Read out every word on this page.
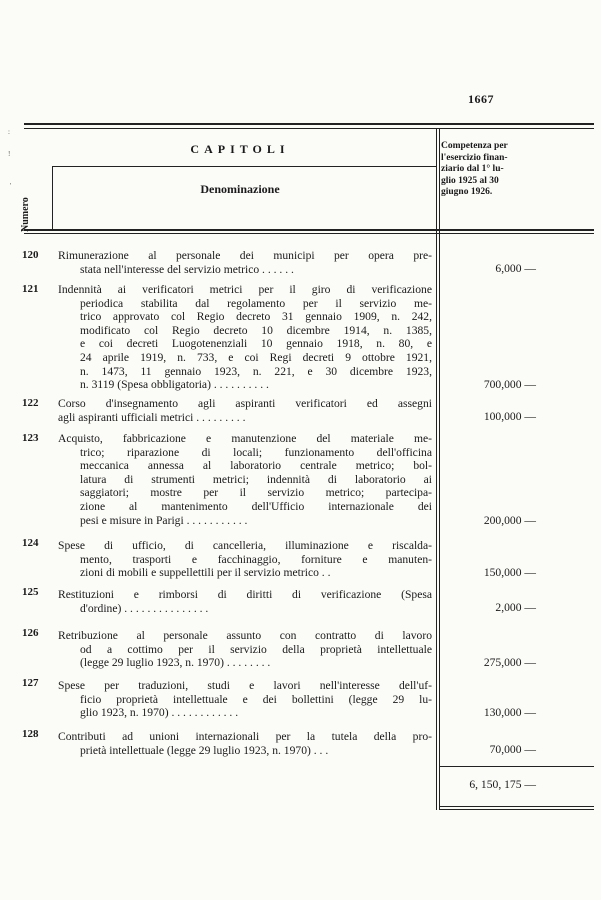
1667
CAPITOLI
Denominazione
Numero
Competenza per
l'esercizio finan-
ziario dal 1° lu-
glio 1925 al 30
giugno 1926.
:
!
'
120	Rimunerazione al personale dei municipi per opera pre-
stata nell'interesse del servizio metrico . . . . . .	6,000 —
121	Indennità ai verificatori metrici per il giro di verificazione
periodica stabilita dal regolamento per il servizio me-
trico approvato col Regio decreto 31 gennaio 1909, n. 242,
modificato col Regio decreto 10 dicembre 1914, n. 1385,
e coi decreti Luogotenenziali 10 gennaio 1918, n. 80, e
24 aprile 1919, n. 733, e coi Regi decreti 9 ottobre 1921,
n. 1473, 11 gennaio 1923, n. 221, e 30 dicembre 1923,
n. 3119 (Spesa obbligatoria) . . . . . . . . . .	700,000 —
122	Corso d'insegnamento agli aspiranti verificatori ed assegni
agli aspiranti ufficiali metrici . . . . . . . . .	100,000 —
123	Acquisto, fabbricazione e manutenzione del materiale me-
trico; riparazione di locali; funzionamento dell'officina
meccanica annessa al laboratorio centrale metrico; bol-
latura di strumenti metrici; indennità di laboratorio ai
saggiatori; mostre per il servizio metrico; partecipa-
zione al mantenimento dell'Ufficio internazionale dei
pesi e misure in Parigi . . . . . . . . . . .	200,000 —
124	Spese di ufficio, di cancelleria, illuminazione e riscalda-
mento, trasporti e facchinaggio, forniture e manuten-
zioni di mobili e suppellettili per il servizio metrico . .	150,000 —
125	Restituzioni e rimborsi di diritti di verificazione (Spesa
d'ordine) . . . . . . . . . . . . . . .	2,000 —
126	Retribuzione al personale assunto con contratto di lavoro
od a cottimo per il servizio della proprietà intellettuale
(legge 29 luglio 1923, n. 1970) . . . . . . . .	275,000 —
127	Spese per traduzioni, studi e lavori nell'interesse dell'uf-
ficio proprietà intellettuale e dei bollettini (legge 29 lu-
glio 1923, n. 1970) . . . . . . . . . . . .	130,000 —
128	Contributi ad unioni internazionali per la tutela della pro-
prietà intellettuale (legge 29 luglio 1923, n. 1970) . . .	70,000 —
6, 150, 175 —
